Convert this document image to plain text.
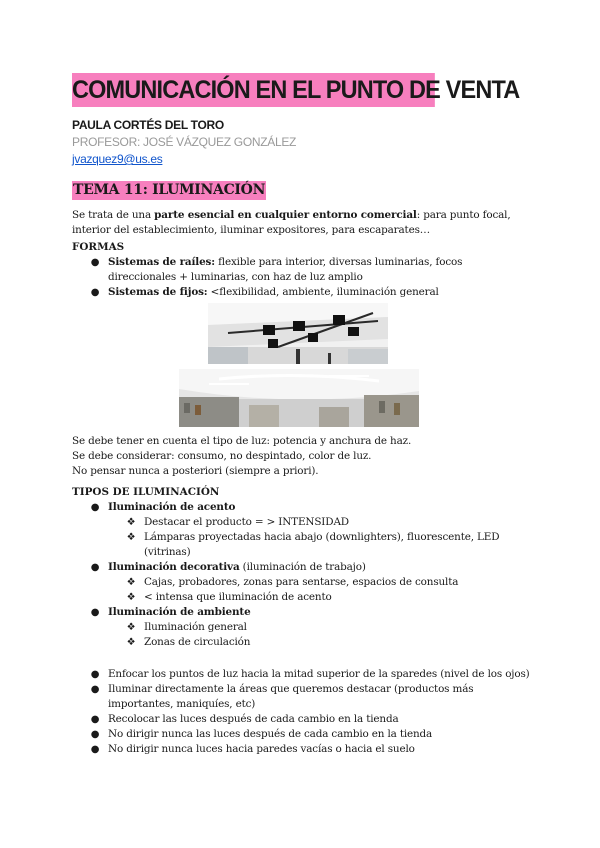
COMUNICACIÓN EN EL PUNTO DE VENTA

PAULA CORTÉS DEL TORO

PROFESOR: JOSÉ VÁZQUEZ GONZÁLEZ

jvazquez9@us.es
TEMA 11: ILUMINACIÓN

Se trata de una parte esencial en cualquier entorno comercial: para punto focal, interior del establecimiento, iluminar expositores, para escaparates…

FORMAS

● Sistemas de raíles: flexible para interior, diversas luminarias, focos direccionales + luminarias, con haz de luz amplio
● Sistemas de fijos: <flexibilidad, ambiente, iluminación general
Se debe tener en cuenta el tipo de luz: potencia y anchura de haz.
Se debe considerar: consumo, no despintado, color de luz.
No pensar nunca a posteriori (siempre a priori).

TIPOS DE ILUMINACIÓN

● Iluminación de acento
❖ Destacar el producto = > INTENSIDAD
❖ Lámparas proyectadas hacia abajo (downlighters), fluorescente, LED (vitrinas)
● Iluminación decorativa (iluminación de trabajo)
❖ Cajas, probadores, zonas para sentarse, espacios de consulta
❖ < intensa que iluminación de acento
● Iluminación de ambiente
❖ Iluminación general
❖ Zonas de circulación
● Enfocar los puntos de luz hacia la mitad superior de la sparedes (nivel de los ojos)
● Iluminar directamente la áreas que queremos destacar (productos más importantes, maniquíes, etc)
● Recolocar las luces después de cada cambio en la tienda
● No dirigir nunca las luces después de cada cambio en la tienda
● No dirigir nunca luces hacia paredes vacías o hacia el suelo
